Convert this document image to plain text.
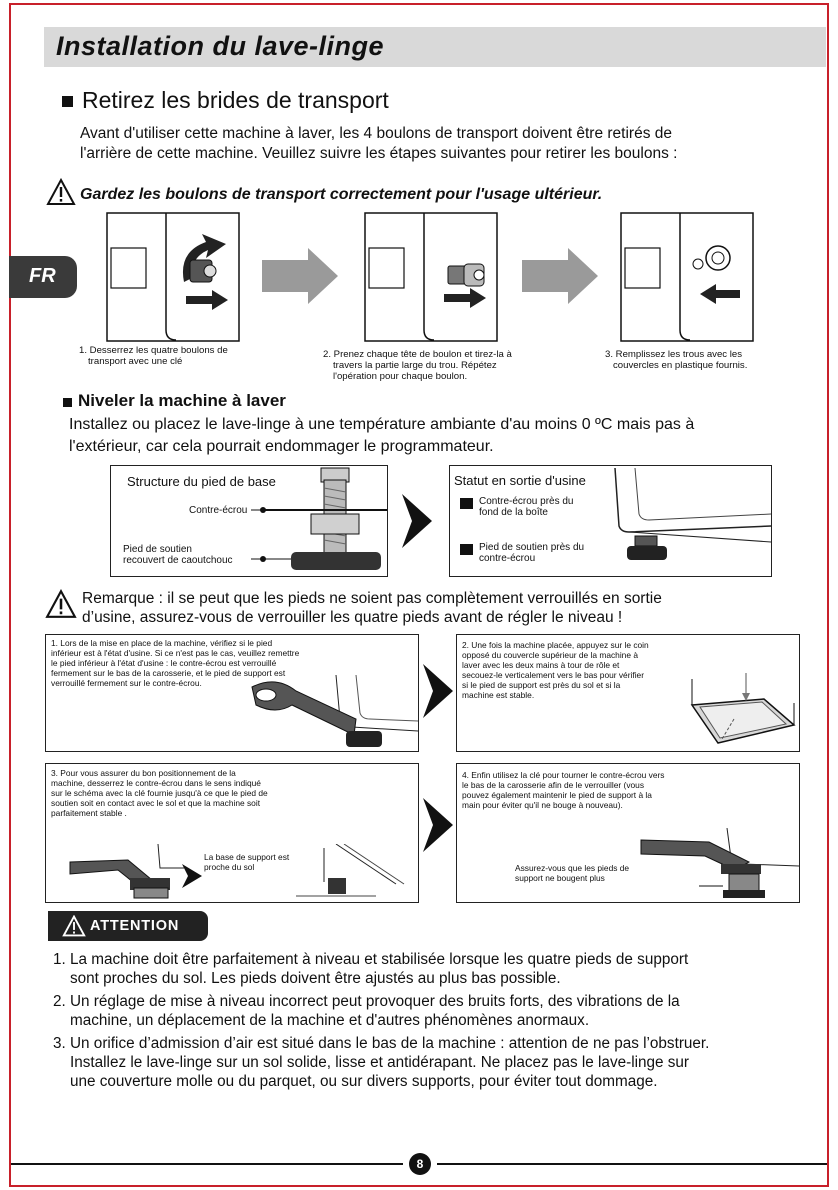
Installation du lave-linge
FR
Retirez les brides de transport
Avant d'utiliser cette machine à laver, les 4 boulons de transport doivent être retirés de
l'arrière de cette machine. Veuillez suivre les étapes suivantes pour retirer les boulons :
Gardez les boulons de transport correctement pour l'usage ultérieur.
1. Desserrez les quatre boulons de
transport avec une clé
2. Prenez chaque tête de boulon et tirez-la à
travers la partie large du trou. Répétez
l'opération pour chaque boulon.
3. Remplissez les trous avec les
couvercles en plastique fournis.
Niveler la machine à laver
Installez ou placez le lave-linge à une température ambiante d'au moins 0 ºC mais pas à
l'extérieur, car cela pourrait endommager le programmateur.
Structure du pied de base
Contre-écrou
Pied de soutien
recouvert de caoutchouc
Statut en sortie d'usine
Contre-écrou près du
fond de la boîte
Pied de soutien près du
contre-écrou
Remarque : il se peut que les pieds ne soient pas complètement verrouillés en sortie
d’usine, assurez-vous de verrouiller les quatre pieds avant de régler le niveau !
1. Lors de la mise en place de la machine, vérifiez si le pied
inférieur est à l'état d'usine. Si ce n'est pas le cas, veuillez remettre
le pied inférieur à l'état d'usine : le contre-écrou est verrouillé
fermement sur le bas de la carosserie, et le pied de support est
verrouillé fermement sur le contre-écrou.
2. Une fois la machine placée, appuyez sur le coin
opposé du couvercle supérieur de la machine à
laver avec les deux mains à tour de rôle et
secouez-le verticalement vers le bas pour vérifier
si le pied de support est près du sol et si la
machine est stable.
3. Pour vous assurer du bon positionnement de la
machine, desserrez le contre-écrou dans le sens indiqué
sur le schéma avec la clé fournie jusqu'à ce que le pied de
soutien soit en contact avec le sol et que la machine soit
parfaitement stable .
La base de support est
proche du sol
4. Enfin utilisez la clé pour tourner le contre-écrou vers
le bas de la carosserie afin de le verrouiller (vous
pouvez également maintenir le pied de support à la
main pour éviter qu'il ne bouge à nouveau).
Assurez-vous que les pieds de
support ne bougent plus
ATTENTION
1. La machine doit être parfaitement à niveau et stabilisée lorsque les quatre pieds de support
sont proches du sol. Les pieds doivent être ajustés au plus bas possible.
2. Un réglage de mise à niveau incorrect peut provoquer des bruits forts, des vibrations de la
machine, un déplacement de la machine et d'autres phénomènes anormaux.
3. Un orifice d’admission d’air est situé dans le bas de la machine : attention de ne pas l’obstruer.
Installez le lave-linge sur un sol solide, lisse et antidérapant. Ne placez pas le lave-linge sur
une couverture molle ou du parquet, ou sur divers supports, pour éviter tout dommage.
8
